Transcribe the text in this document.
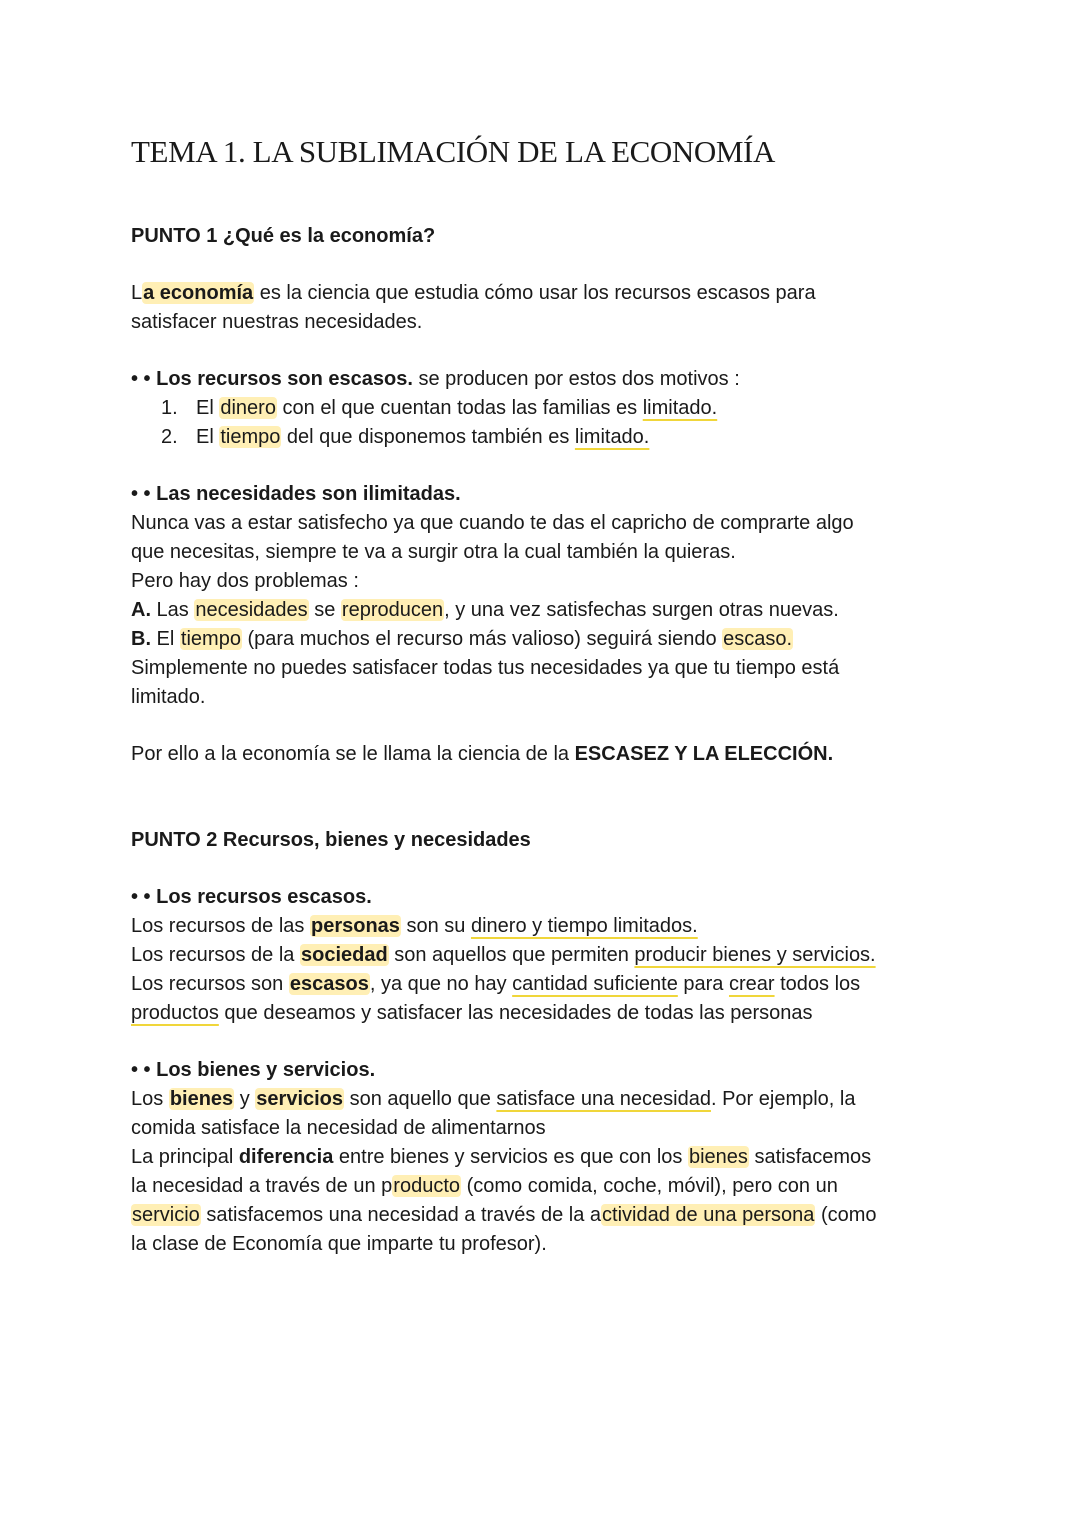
TEMA 1. LA SUBLIMACIÓN DE LA ECONOMÍA
PUNTO 1 ¿Qué es la economía?
La economía es la ciencia que estudia cómo usar los recursos escasos para
satisfacer nuestras necesidades.
• • Los recursos son escasos. se producen por estos dos motivos :
1. El dinero con el que cuentan todas las familias es limitado.
2. El tiempo del que disponemos también es limitado.
• • Las necesidades son ilimitadas.
Nunca vas a estar satisfecho ya que cuando te das el capricho de comprarte algo
que necesitas, siempre te va a surgir otra la cual también la quieras.
Pero hay dos problemas :
A. Las necesidades se reproducen, y una vez satisfechas surgen otras nuevas.
B. El tiempo (para muchos el recurso más valioso) seguirá siendo escaso.
Simplemente no puedes satisfacer todas tus necesidades ya que tu tiempo está
limitado.
Por ello a la economía se le llama la ciencia de la ESCASEZ Y LA ELECCIÓN.
PUNTO 2 Recursos, bienes y necesidades
• • Los recursos escasos.
Los recursos de las personas son su dinero y tiempo limitados.
Los recursos de la sociedad son aquellos que permiten producir bienes y servicios.
Los recursos son escasos, ya que no hay cantidad suficiente para crear todos los
productos que deseamos y satisfacer las necesidades de todas las personas
• • Los bienes y servicios.
Los bienes y servicios son aquello que satisface una necesidad. Por ejemplo, la
comida satisface la necesidad de alimentarnos
La principal diferencia entre bienes y servicios es que con los bienes satisfacemos
la necesidad a través de un producto (como comida, coche, móvil), pero con un
servicio satisfacemos una necesidad a través de la actividad de una persona (como
la clase de Economía que imparte tu profesor).
